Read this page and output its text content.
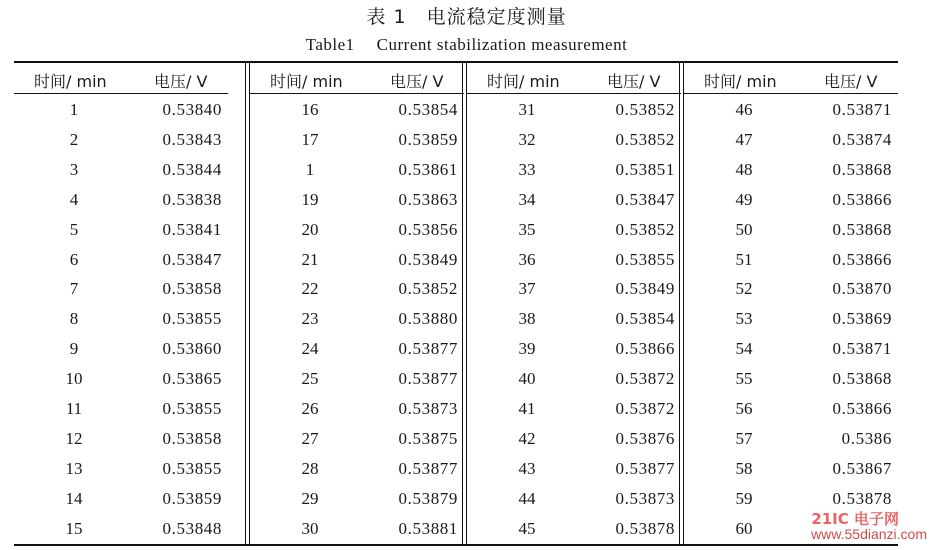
表 1 电流稳定度测量
Table1 Current stabilization measurement
时间/ min	电压/ V
1	0.53840
2	0.53843
3	0.53844
4	0.53838
5	0.53841
6	0.53847
7	0.53858
8	0.53855
9	0.53860
10	0.53865
11	0.53855
12	0.53858
13	0.53855
14	0.53859
15	0.53848
时间/ min	电压/ V
16	0.53854
17	0.53859
1	0.53861
19	0.53863
20	0.53856
21	0.53849
22	0.53852
23	0.53880
24	0.53877
25	0.53877
26	0.53873
27	0.53875
28	0.53877
29	0.53879
30	0.53881
时间/ min	电压/ V
31	0.53852
32	0.53852
33	0.53851
34	0.53847
35	0.53852
36	0.53855
37	0.53849
38	0.53854
39	0.53866
40	0.53872
41	0.53872
42	0.53876
43	0.53877
44	0.53873
45	0.53878
时间/ min	电压/ V
46	0.53871
47	0.53874
48	0.53868
49	0.53866
50	0.53868
51	0.53866
52	0.53870
53	0.53869
54	0.53871
55	0.53868
56	0.53866
57	0.5386
58	0.53867
59	0.53878
60	21IC 电子网
www.55dianzi.com
